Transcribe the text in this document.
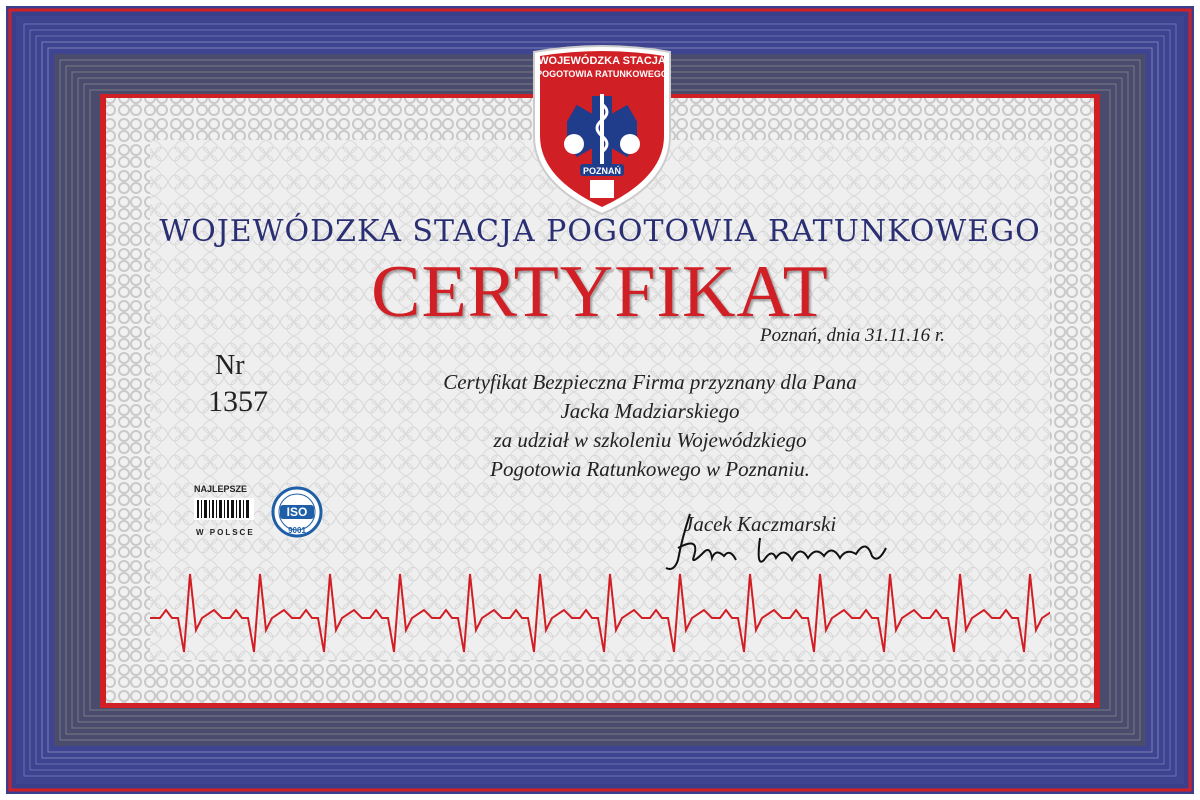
WOJEWÓDZKA STACJA
POGOTOWIA RATUNKOWEGO
POZNAŃ
WOJEWÓDZKA STACJA POGOTOWIA RATUNKOWEGO
CERTYFIKAT
Poznań, dnia 31.11.16 r.
Nr
1357
Certyfikat Bezpieczna Firma przyznany dla Pana
Jacka Madziarskiego
za udział w szkoleniu Wojewódzkiego
Pogotowia Ratunkowego w Poznaniu.
NAJLEPSZE
W POLSCE
ISO
9001	Jacek Kaczmarski
